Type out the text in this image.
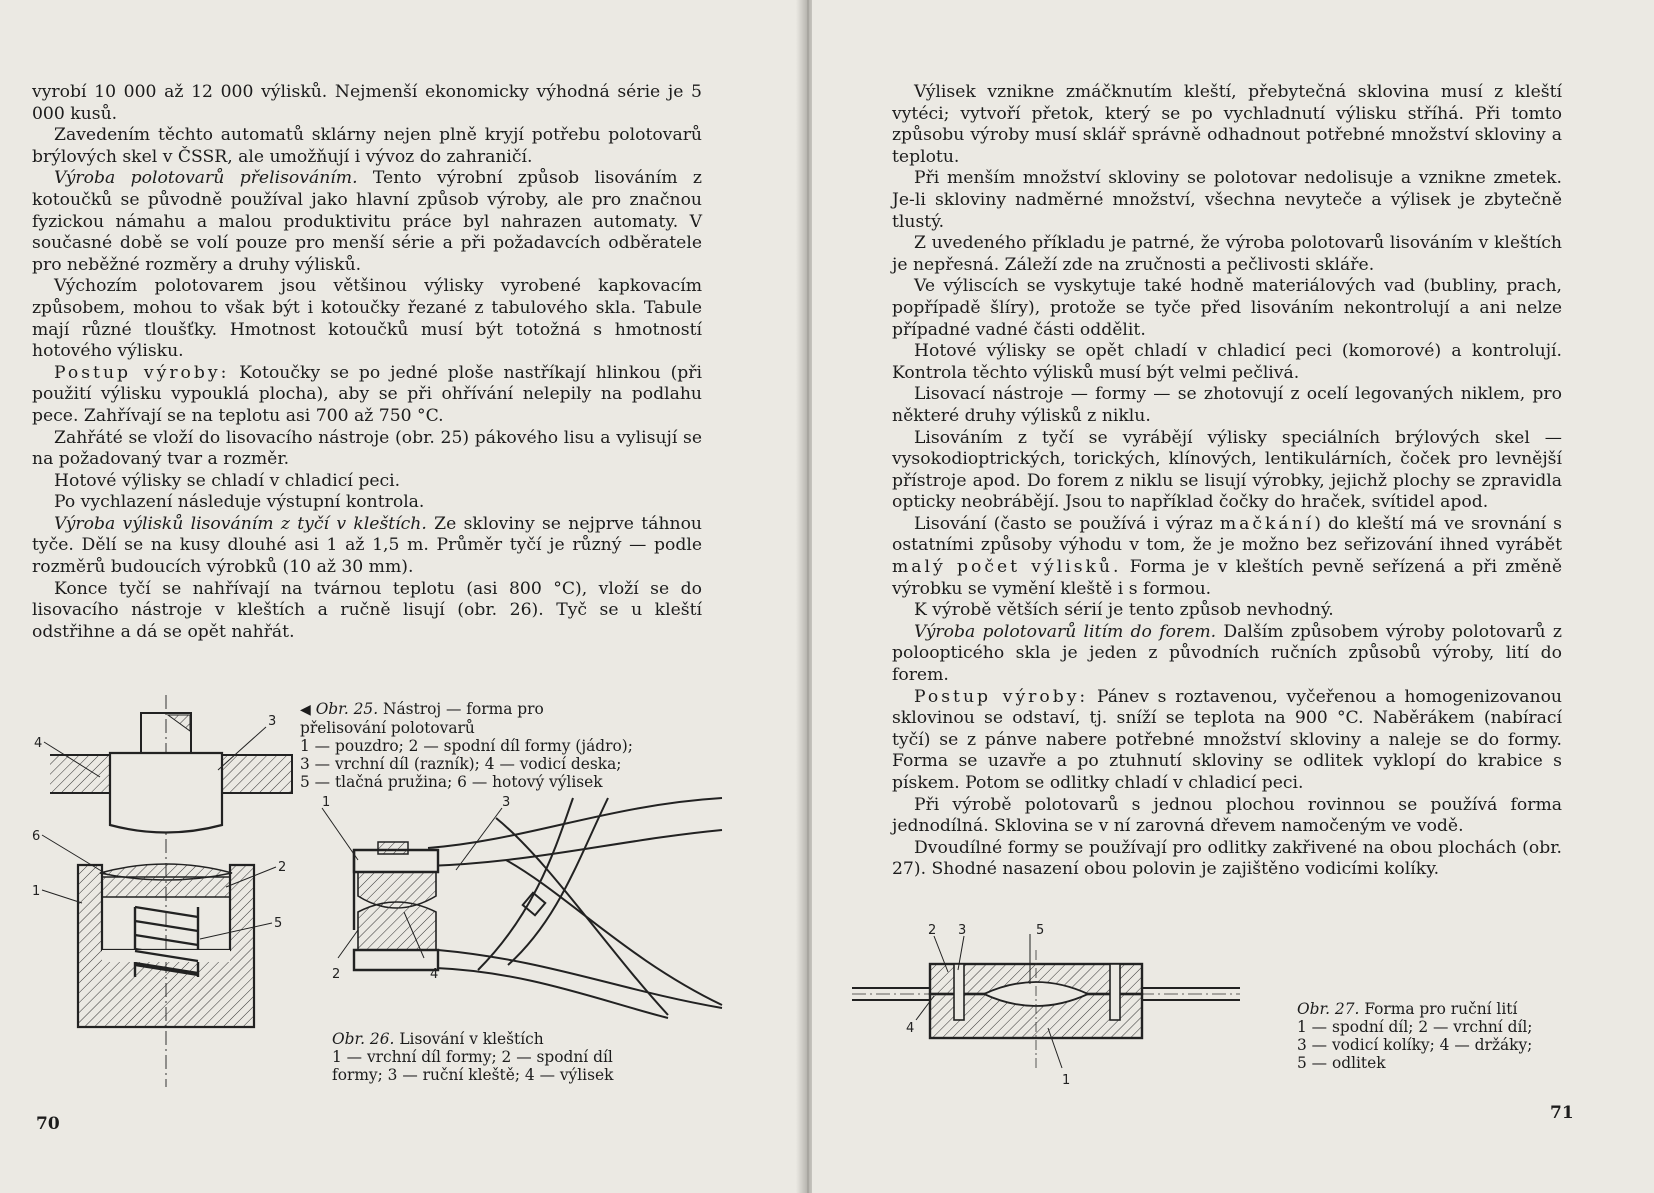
vyrobí 10 000 až 12 000 výlisků. Nejmenší ekonomicky výhodná série je 5 000 kusů.

Zavedením těchto automatů sklárny nejen plně kryjí potřebu polotovarů brýlových skel v ČSSR, ale umožňují i vývoz do zahraničí.

Výroba polotovarů přelisováním. Tento výrobní způsob lisováním z kotoučků se původně používal jako hlavní způsob výroby, ale pro značnou fyzickou námahu a malou produktivitu práce byl nahrazen automaty. V současné době se volí pouze pro menší série a při požadavcích odběratele pro neběžné rozměry a druhy výlisků.

Výchozím polotovarem jsou většinou výlisky vyrobené kapkovacím způsobem, mohou to však být i kotoučky řezané z tabulového skla. Tabule mají různé tloušťky. Hmotnost kotoučků musí být totožná s hmotností hotového výlisku.

Postup výroby: Kotoučky se po jedné ploše nastříkají hlinkou (při použití výlisku vypouklá plocha), aby se při ohřívání nelepily na podlahu pece. Zahřívají se na teplotu asi 700 až 750 °C.

Zahřáté se vloží do lisovacího nástroje (obr. 25) pákového lisu a vylisují se na požadovaný tvar a rozměr.

Hotové výlisky se chladí v chladicí peci.

Po vychlazení následuje výstupní kontrola.

Výroba výlisků lisováním z tyčí v kleštích. Ze skloviny se nejprve táhnou tyče. Dělí se na kusy dlouhé asi 1 až 1,5 m. Průměr tyčí je různý — podle rozměrů budoucích výrobků (10 až 30 mm).

Konce tyčí se nahřívají na tvárnou teplotu (asi 800 °C), vloží se do lisovacího nástroje v kleštích a ručně lisují (obr. 26). Tyč se u kleští odstřihne a dá se opět nahřát.

4
3
6
2
1
5
◀ Obr. 25. Nástroj — forma pro
přelisování polotovarů
1 — pouzdro; 2 — spodní díl formy (jádro);
3 — vrchní díl (razník); 4 — vodicí deska;
5 — tlačná pružina; 6 — hotový výlisek
1	3
2	4
Obr. 26. Lisování v kleštích
1 — vrchní díl formy; 2 — spodní díl
formy; 3 — ruční kleště; 4 — výlisek
70

Výlisek vznikne zmáčknutím kleští, přebytečná sklovina musí z kleští vytéci; vytvoří přetok, který se po vychladnutí výlisku stříhá. Při tomto způsobu výroby musí sklář správně odhadnout potřebné množství skloviny a teplotu.

Při menším množství skloviny se polotovar nedolisuje a vznikne zmetek. Je-li skloviny nadměrné množství, všechna nevyteče a výlisek je zbytečně tlustý.

Z uvedeného příkladu je patrné, že výroba polotovarů lisováním v kleštích je nepřesná. Záleží zde na zručnosti a pečlivosti skláře.

Ve výliscích se vyskytuje také hodně materiálových vad (bubliny, prach, popřípadě šlíry), protože se tyče před lisováním nekontrolují a ani nelze případné vadné části oddělit.

Hotové výlisky se opět chladí v chladicí peci (komorové) a kontrolují. Kontrola těchto výlisků musí být velmi pečlivá.

Lisovací nástroje — formy — se zhotovují z ocelí legovaných niklem, pro některé druhy výlisků z niklu.

Lisováním z tyčí se vyrábějí výlisky speciálních brýlových skel — vysokodioptrických, torických, klínových, lentikulárních, čoček pro levnější přístroje apod. Do forem z niklu se lisují výrobky, jejichž plochy se zpravidla opticky neobrábějí. Jsou to například čočky do hraček, svítidel apod.

Lisování (často se používá i výraz mačkání) do kleští má ve srovnání s ostatními způsoby výhodu v tom, že je možno bez seřizování ihned vyrábět malý počet výlisků. Forma je v kleštích pevně seřízená a při změně výrobku se vymění kleště i s formou.

K výrobě větších sérií je tento způsob nevhodný.

Výroba polotovarů litím do forem. Dalším způsobem výroby polotovarů z poloopticého skla je jeden z původních ručních způsobů výroby, lití do forem.

Postup výroby: Pánev s roztavenou, vyčeřenou a homogenizovanou sklovinou se odstaví, tj. sníží se teplota na 900 °C. Naběrákem (nabírací tyčí) se z pánve nabere potřebné množství skloviny a naleje se do formy. Forma se uzavře a po ztuhnutí skloviny se odlitek vyklopí do krabice s pískem. Potom se odlitky chladí v chladicí peci.

Při výrobě polotovarů s jednou plochou rovinnou se používá forma jednodílná. Sklovina se v ní zarovná dřevem namočeným ve vodě.

Dvoudílné formy se používají pro odlitky zakřivené na obou plochách (obr. 27). Shodné nasazení obou polovin je zajištěno vodicími kolíky.

2 3	5
4
1
Obr. 27. Forma pro ruční lití
1 — spodní díl; 2 — vrchní díl;
3 — vodicí kolíky; 4 — držáky;
5 — odlitek
71
